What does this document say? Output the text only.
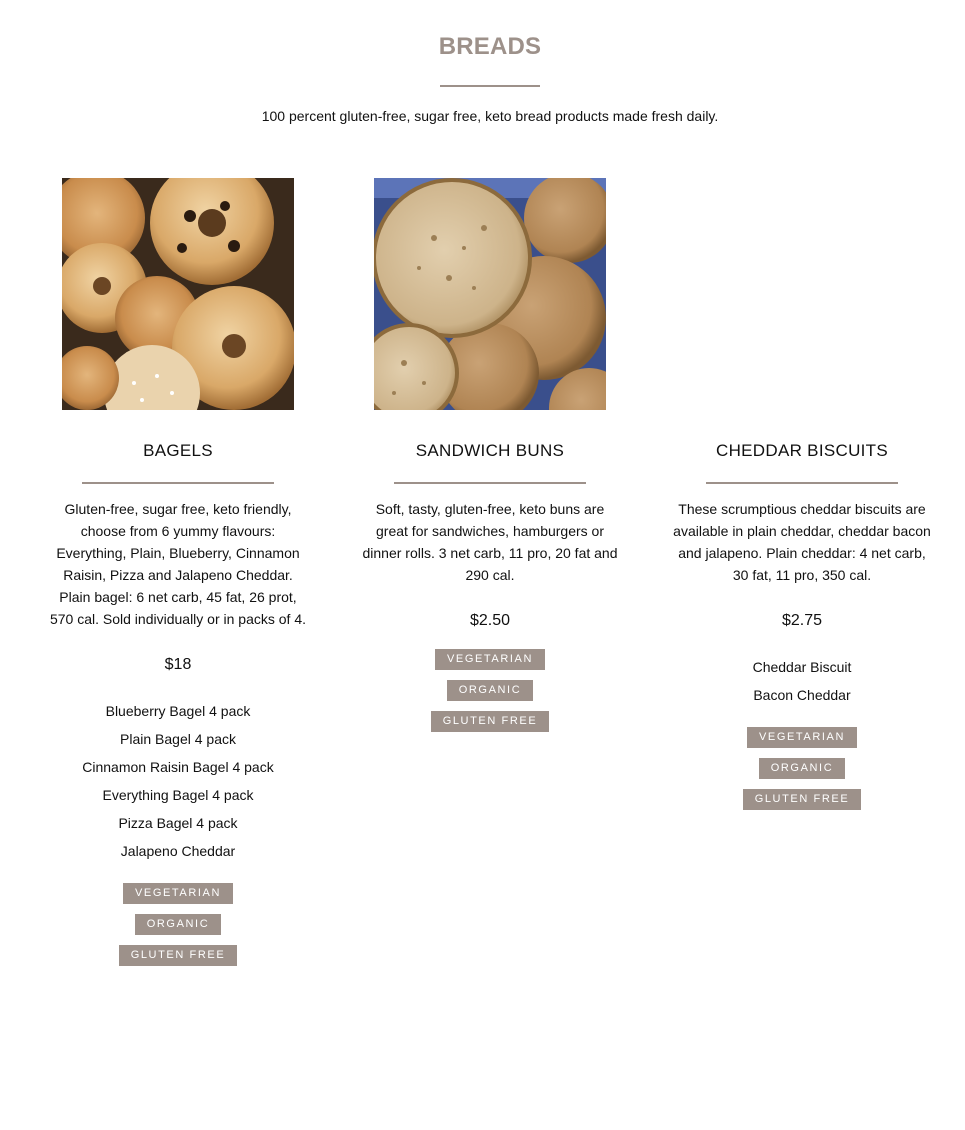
BREADS
100 percent gluten-free, sugar free, keto bread products made fresh daily.
BAGELS
Gluten-free, sugar free, keto friendly, choose from 6 yummy flavours: Everything, Plain, Blueberry, Cinnamon Raisin, Pizza and Jalapeno Cheddar. Plain bagel: 6 net carb, 45 fat, 26 prot, 570 cal. Sold individually or in packs of 4.
$18
Blueberry Bagel 4 pack
Plain Bagel 4 pack
Cinnamon Raisin Bagel 4 pack
Everything Bagel 4 pack
Pizza Bagel 4 pack
Jalapeno Cheddar
VEGETARIAN
ORGANIC
GLUTEN FREE
SANDWICH BUNS
Soft, tasty, gluten-free, keto buns are great for sandwiches, hamburgers or dinner rolls. 3 net carb, 11 pro, 20 fat and 290 cal.
$2.50
VEGETARIAN
ORGANIC
GLUTEN FREE
CHEDDAR BISCUITS
These scrumptious cheddar biscuits are available in plain cheddar, cheddar bacon and jalapeno. Plain cheddar: 4 net carb, 30 fat, 11 pro, 350 cal.
$2.75
Cheddar Biscuit
Bacon Cheddar
VEGETARIAN
ORGANIC
GLUTEN FREE
